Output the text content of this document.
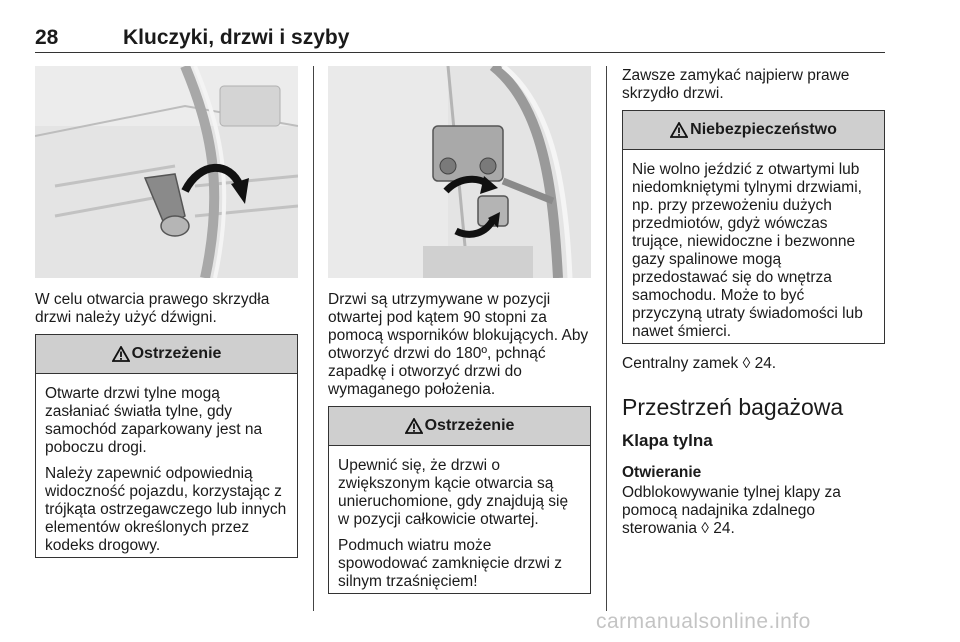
28	Kluczyki, drzwi i szyby

W celu otwarcia prawego skrzydła drzwi należy użyć dźwigni.

Ostrzeżenie

Otwarte drzwi tylne mogą zasłaniać światła tylne, gdy samochód zaparkowany jest na poboczu drogi.

Należy zapewnić odpowiednią widoczność pojazdu, korzystając z trójkąta ostrzegawczego lub innych elementów określonych przez kodeks drogowy.

Drzwi są utrzymywane w pozycji otwartej pod kątem 90 stopni za pomocą wsporników blokujących. Aby otworzyć drzwi do 180º, pchnąć zapadkę i otworzyć drzwi do wymaganego położenia.

Ostrzeżenie

Upewnić się, że drzwi o zwiększonym kącie otwarcia są unieruchomione, gdy znajdują się w pozycji całkowicie otwartej.

Podmuch wiatru może spowodować zamknięcie drzwi z silnym trzaśnięciem!

Zawsze zamykać najpierw prawe skrzydło drzwi.

Niebezpieczeństwo

Nie wolno jeździć z otwartymi lub niedomkniętymi tylnymi drzwiami, np. przy przewożeniu dużych przedmiotów, gdyż wówczas trujące, niewidoczne i bezwonne gazy spalinowe mogą przedostawać się do wnętrza samochodu. Może to być przyczyną utraty świadomości lub nawet śmierci.

Centralny zamek ◊ 24.

Przestrzeń bagażowa
Klapa tylna
Otwieranie

Odblokowywanie tylnej klapy za pomocą nadajnika zdalnego sterowania ◊ 24.

carmanualsonline.info
